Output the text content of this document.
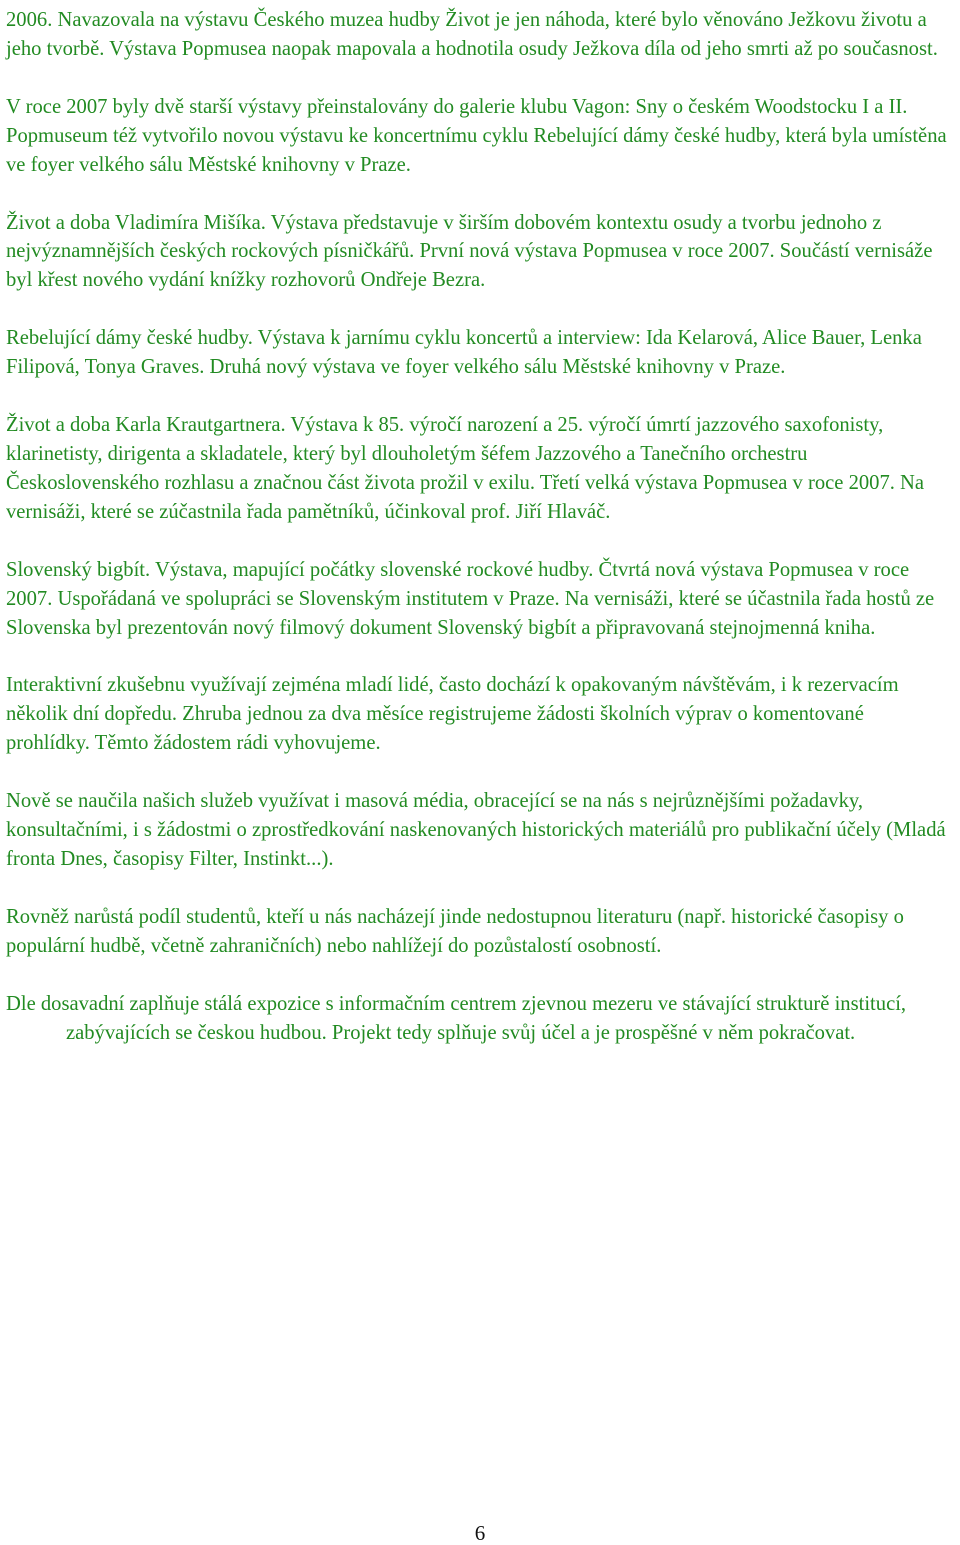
2006. Navazovala na výstavu Českého muzea hudby Život je jen náhoda, které bylo věnováno Ježkovu životu a jeho tvorbě. Výstava Popmusea naopak mapovala a hodnotila osudy Ježkova díla od jeho smrti až po současnost.

V roce 2007 byly dvě starší výstavy přeinstalovány do galerie klubu Vagon: Sny o českém Woodstocku I a II. Popmuseum též vytvořilo novou výstavu ke koncertnímu cyklu Rebelující dámy české hudby, která byla umístěna ve foyer velkého sálu Městské knihovny v Praze.

Život a doba Vladimíra Mišíka. Výstava představuje v širším dobovém kontextu osudy a tvorbu jednoho z nejvýznamnějších českých rockových písničkářů. První nová výstava Popmusea v roce 2007. Součástí vernisáže byl křest nového vydání knížky rozhovorů Ondřeje Bezra.

Rebelující dámy české hudby. Výstava k jarnímu cyklu koncertů a interview: Ida Kelarová, Alice Bauer, Lenka Filipová, Tonya Graves. Druhá nový výstava ve foyer velkého sálu Městské knihovny v Praze.

Život a doba Karla Krautgartnera. Výstava k 85. výročí narození a 25. výročí úmrtí jazzového saxofonisty, klarinetisty, dirigenta a skladatele, který byl dlouholetým šéfem Jazzového a Tanečního orchestru Československého rozhlasu a značnou část života prožil v exilu. Třetí velká výstava Popmusea v roce 2007. Na vernisáži, které se zúčastnila řada pamětníků, účinkoval prof. Jiří Hlaváč.

Slovenský bigbít. Výstava, mapující počátky slovenské rockové hudby. Čtvrtá nová výstava Popmusea v roce 2007. Uspořádaná ve spolupráci se Slovenským institutem v Praze. Na vernisáži, které se účastnila řada hostů ze Slovenska byl prezentován nový filmový dokument Slovenský bigbít a připravovaná stejnojmenná kniha.

Interaktivní zkušebnu využívají zejména mladí lidé, často dochází k opakovaným návštěvám, i k rezervacím několik dní dopředu. Zhruba jednou za dva měsíce registrujeme žádosti školních výprav o komentované prohlídky. Těmto žádostem rádi vyhovujeme.

Nově se naučila našich služeb využívat i masová média, obracející se na nás s nejrůznějšími požadavky, konsultačními, i s žádostmi o zprostředkování naskenovaných historických materiálů pro publikační účely (Mladá fronta Dnes, časopisy Filter, Instinkt...).

Rovněž narůstá podíl studentů, kteří u nás nacházejí jinde nedostupnou literaturu (např. historické časopisy o populární hudbě, včetně zahraničních) nebo nahlížejí do pozůstalostí osobností.

Dle dosavadní zaplňuje stálá expozice s informačním centrem zjevnou mezeru ve stávající strukturě institucí, zabývajících se českou hudbou. Projekt tedy splňuje svůj účel a je prospěšné v něm pokračovat.

6
